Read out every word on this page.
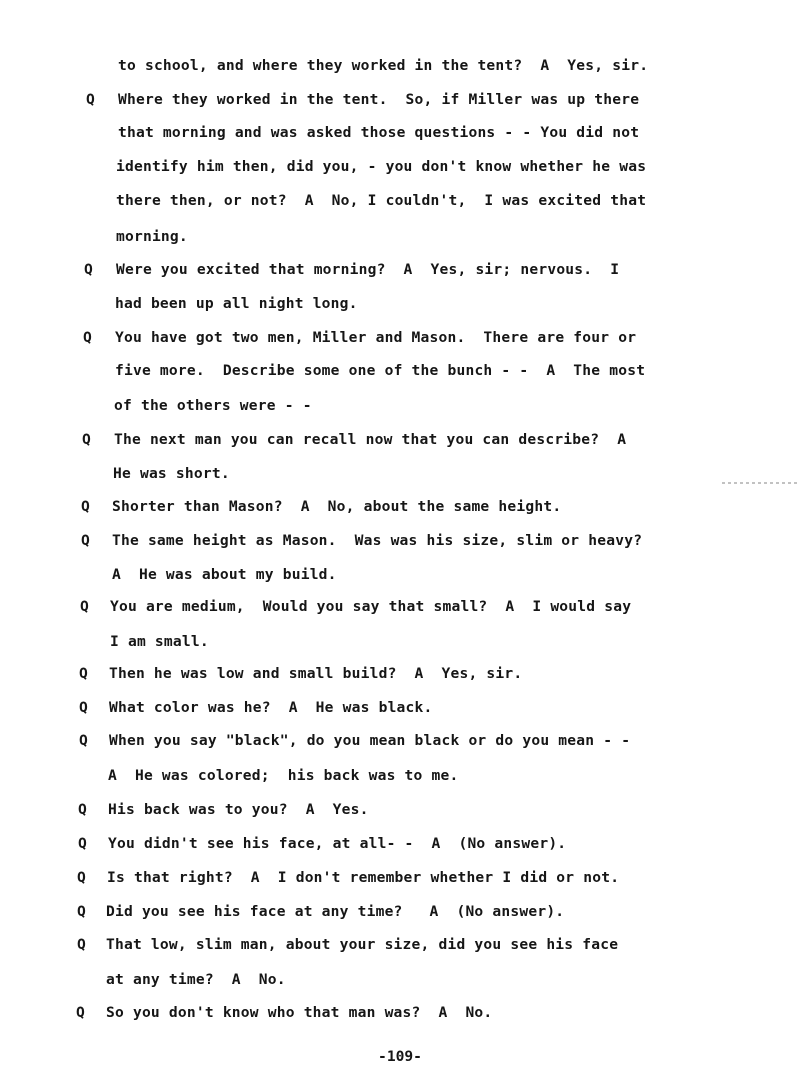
to school, and where they worked in the tent?  A  Yes, sir.
Q Where they worked in the tent.  So, if Miller was up there
that morning and was asked those questions - - You did not
identify him then, did you, - you don't know whether he was
there then, or not?  A  No, I couldn't,  I was excited that
morning.
Q Were you excited that morning?  A  Yes, sir; nervous.  I
had been up all night long.
Q You have got two men, Miller and Mason.  There are four or
five more.  Describe some one of the bunch - -  A  The most
of the others were - -
Q The next man you can recall now that you can describe?  A
He was short.
Q Shorter than Mason?  A  No, about the same height.
Q The same height as Mason.  Was was his size, slim or heavy?
A  He was about my build.
Q You are medium,  Would you say that small?  A  I would say
I am small.
Q Then he was low and small build?  A  Yes, sir.
Q What color was he?  A  He was black.
Q When you say "black", do you mean black or do you mean - -
A  He was colored;  his back was to me.
Q His back was to you?  A  Yes.
Q You didn't see his face, at all- -  A  (No answer).
Q Is that right?  A  I don't remember whether I did or not.
Q Did you see his face at any time?   A  (No answer).
Q That low, slim man, about your size, did you see his face
at any time?  A  No.
Q So you don't know who that man was?  A  No.
-109-
